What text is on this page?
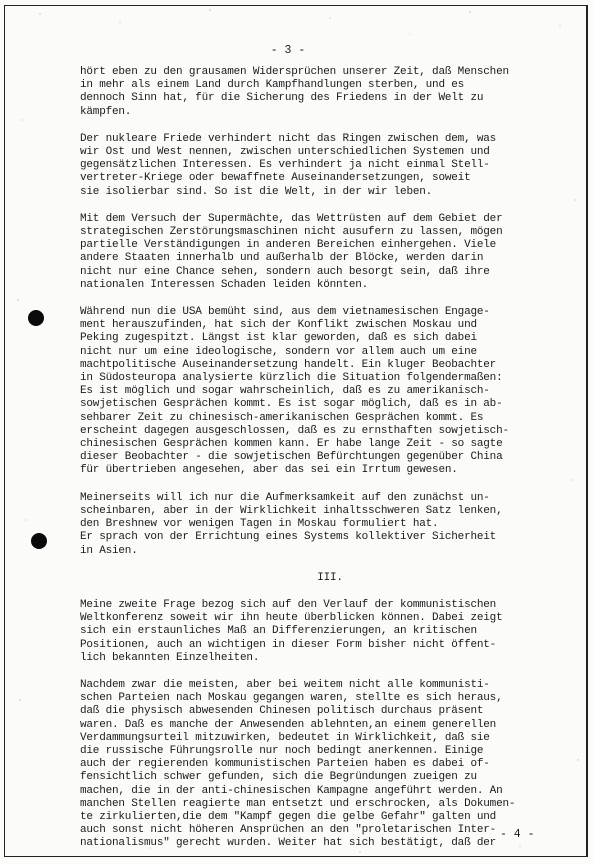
- 3 -
hört eben zu den grausamen Widersprüchen unserer Zeit, daß Menschen
in mehr als einem Land durch Kampfhandlungen sterben, und es
dennoch Sinn hat, für die Sicherung des Friedens in der Welt zu
kämpfen.
Der nukleare Friede verhindert nicht das Ringen zwischen dem, was
wir Ost und West nennen, zwischen unterschiedlichen Systemen und
gegensätzlichen Interessen. Es verhindert ja nicht einmal Stell-
vertreter-Kriege oder bewaffnete Auseinandersetzungen, soweit
sie isolierbar sind. So ist die Welt, in der wir leben.
Mit dem Versuch der Supermächte, das Wettrüsten auf dem Gebiet der
strategischen Zerstörungsmaschinen nicht ausufern zu lassen, mögen
partielle Verständigungen in anderen Bereichen einhergehen. Viele
andere Staaten innerhalb und außerhalb der Blöcke, werden darin
nicht nur eine Chance sehen, sondern auch besorgt sein, daß ihre
nationalen Interessen Schaden leiden könnten.
Während nun die USA bemüht sind, aus dem vietnamesischen Engage-
ment herauszufinden, hat sich der Konflikt zwischen Moskau und
Peking zugespitzt. Längst ist klar geworden, daß es sich dabei
nicht nur um eine ideologische, sondern vor allem auch um eine
machtpolitische Auseinandersetzung handelt. Ein kluger Beobachter
in Südosteuropa analysierte kürzlich die Situation folgendermaßen:
Es ist möglich und sogar wahrscheinlich, daß es zu amerikanisch-
sowjetischen Gesprächen kommt. Es ist sogar möglich, daß es in ab-
sehbarer Zeit zu chinesisch-amerikanischen Gesprächen kommt. Es
erscheint dagegen ausgeschlossen, daß es zu ernsthaften sowjetisch-
chinesischen Gesprächen kommen kann. Er habe lange Zeit - so sagte
dieser Beobachter - die sowjetischen Befürchtungen gegenüber China
für übertrieben angesehen, aber das sei ein Irrtum gewesen.
Meinerseits will ich nur die Aufmerksamkeit auf den zunächst un-
scheinbaren, aber in der Wirklichkeit inhaltsschweren Satz lenken,
den Breshnew vor wenigen Tagen in Moskau formuliert hat.
Er sprach von der Errichtung eines Systems kollektiver Sicherheit
in Asien.
III.
Meine zweite Frage bezog sich auf den Verlauf der kommunistischen
Weltkonferenz soweit wir ihn heute überblicken können. Dabei zeigt
sich ein erstaunliches Maß an Differenzierungen, an kritischen
Positionen, auch an wichtigen in dieser Form bisher nicht öffent-
lich bekannten Einzelheiten.
Nachdem zwar die meisten, aber bei weitem nicht alle kommunisti-
schen Parteien nach Moskau gegangen waren, stellte es sich heraus,
daß die physisch abwesenden Chinesen politisch durchaus präsent
waren. Daß es manche der Anwesenden ablehnten,an einem generellen
Verdammungsurteil mitzuwirken, bedeutet in Wirklichkeit, daß sie
die russische Führungsrolle nur noch bedingt anerkennen. Einige
auch der regierenden kommunistischen Parteien haben es dabei of-
fensichtlich schwer gefunden, sich die Begründungen zueigen zu
machen, die in der anti-chinesischen Kampagne angeführt werden. An
manchen Stellen reagierte man entsetzt und erschrocken, als Dokumen-
te zirkulierten,die dem "Kampf gegen die gelbe Gefahr" galten und
auch sonst nicht höheren Ansprüchen an den "proletarischen Inter-
nationalismus" gerecht wurden. Weiter hat sich bestätigt, daß der
- 4 -
